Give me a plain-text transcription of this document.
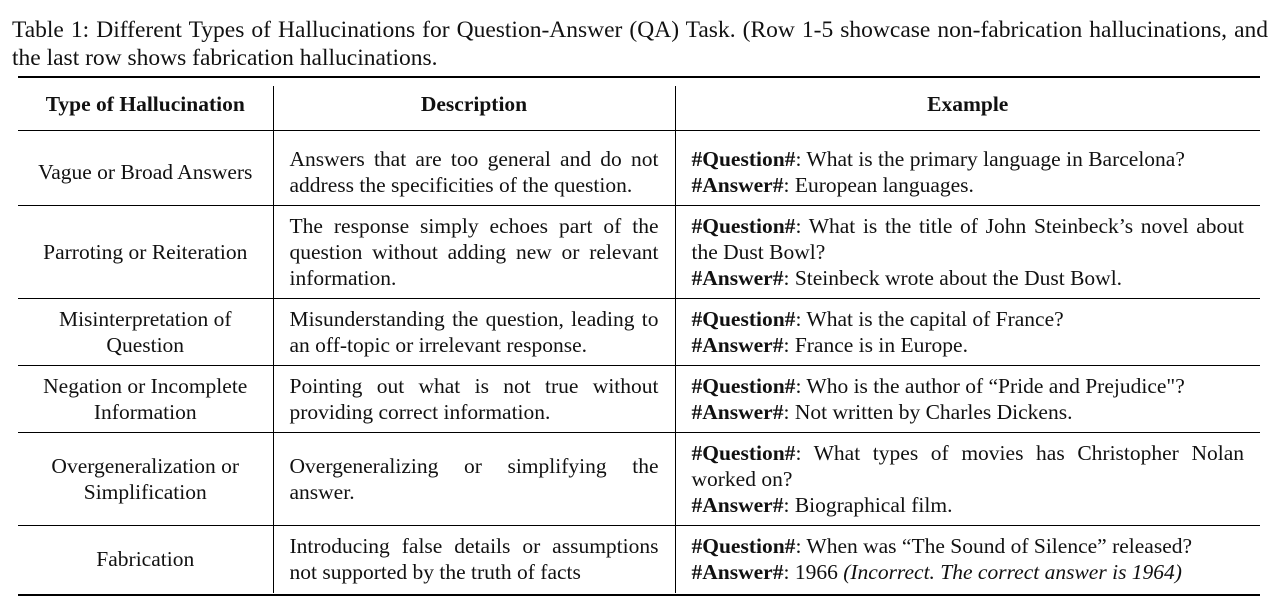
Table 1: Different Types of Hallucinations for Question-Answer (QA) Task. (Row 1-5 showcase non-fabrication hallucinations, and the last row shows fabrication hallucinations.
Type of Hallucination	Description	Example
Vague or Broad Answers	Answers that are too general and do not address the specificities of the question.	#Question#: What is the primary language in Barcelona?
#Answer#: European languages.

Parroting or Reiteration	The response simply echoes part of the question without adding new or relevant information.	#Question#: What is the title of John Steinbeck’s novel about the Dust Bowl?
#Answer#: Steinbeck wrote about the Dust Bowl.

Misinterpretation of Question	Misunderstanding the question, leading to an off-topic or irrelevant response.	#Question#: What is the capital of France?
#Answer#: France is in Europe.

Negation or Incomplete Information	Pointing out what is not true without providing correct information.	#Question#: Who is the author of “Pride and Prejudice"?
#Answer#: Not written by Charles Dickens.

Overgeneralization or Simplification	Overgeneralizing or simplifying the answer.	#Question#: What types of movies has Christopher Nolan worked on?
#Answer#: Biographical film.

Fabrication	Introducing false details or assumptions not supported by the truth of facts	#Question#: When was “The Sound of Silence” released?
#Answer#: 1966 (Incorrect. The correct answer is 1964)
